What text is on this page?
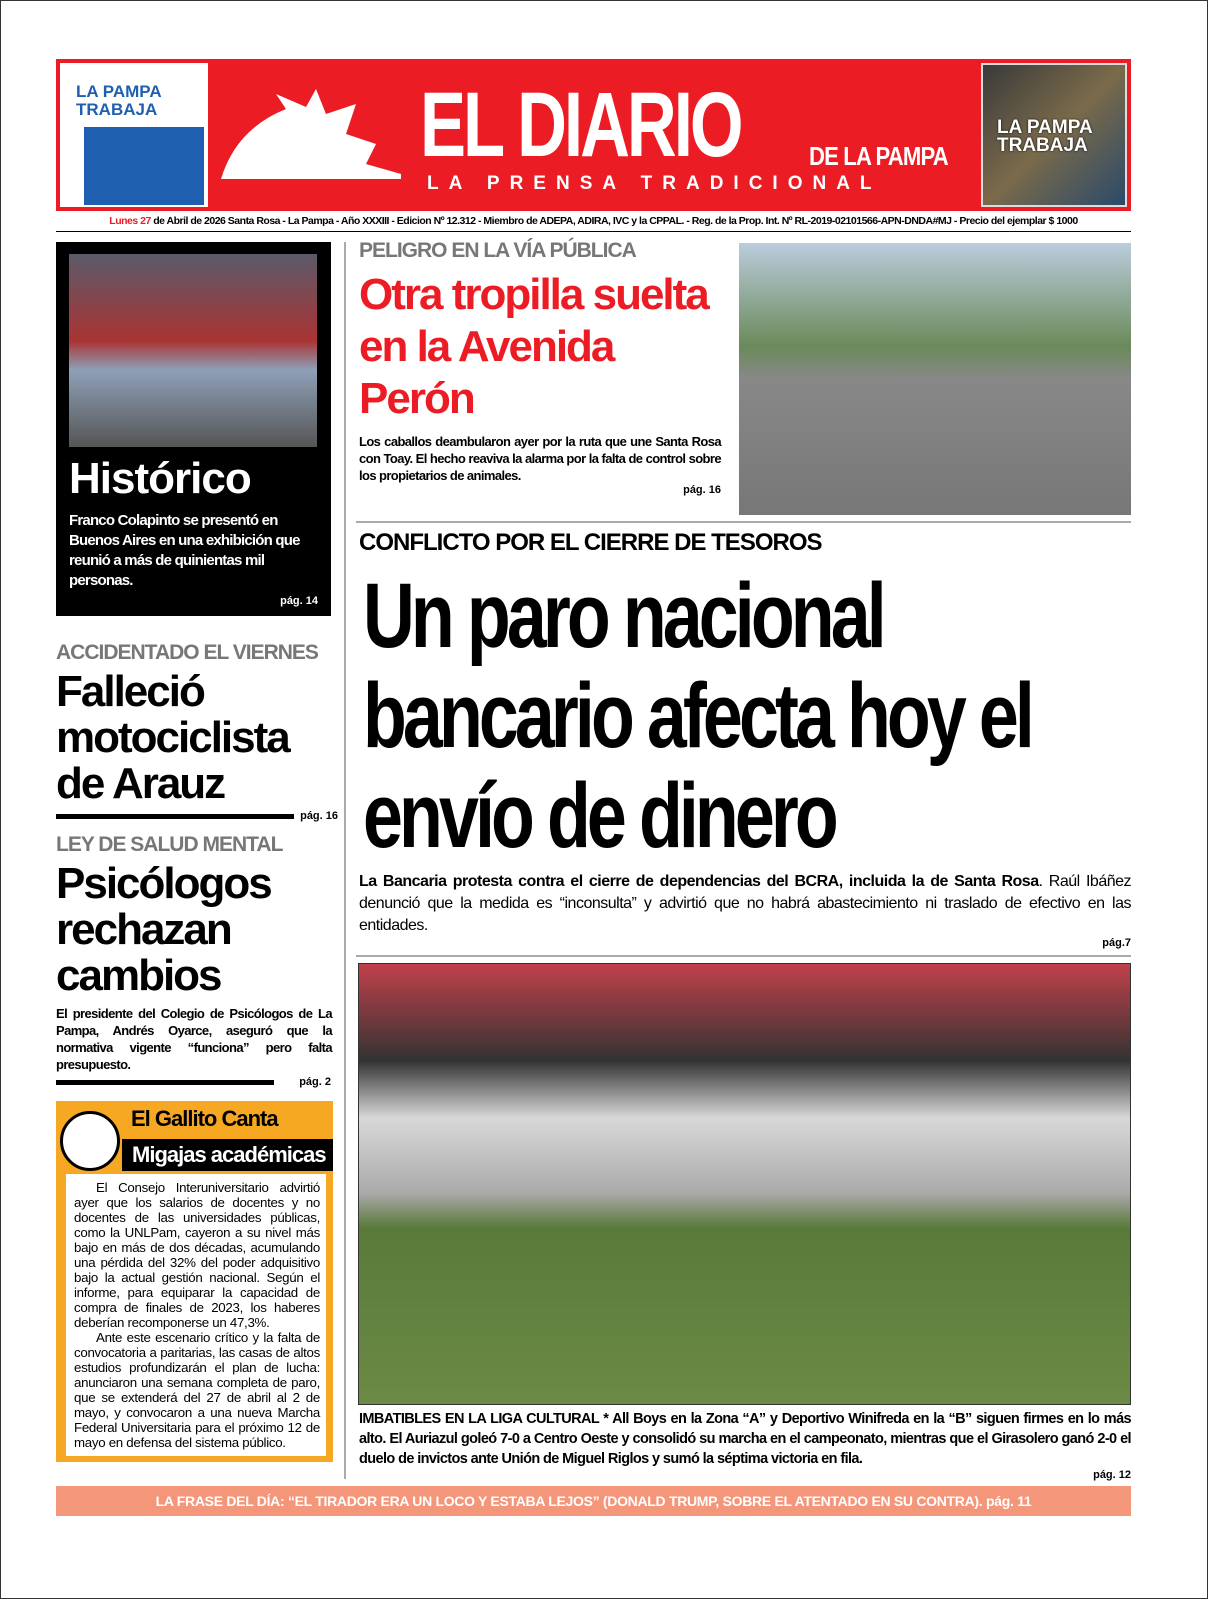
LA PAMPA TRABAJA	EL DIARIO	DE LA PAMPA
LA PRENSA TRADICIONAL
LA PAMPA TRABAJA
Lunes 27 de Abril de 2026 Santa Rosa - La Pampa - Año XXXIII - Edicion Nº 12.312 - Miembro de ADEPA, ADIRA, IVC y la CPPAL. - Reg. de la Prop. Int. Nº RL-2019-02101566-APN-DNDA#MJ - Precio del ejemplar $ 1000
Histórico
Franco Colapinto se presentó en Buenos Aires en una exhibición que reunió a más de quinientas mil personas.
pág. 14
ACCIDENTADO EL VIERNES
Falleció motociclista de Arauz
pág. 16
LEY DE SALUD MENTAL
Psicólogos rechazan cambios
El presidente del Colegio de Psicólogos de La Pampa, Andrés Oyarce, aseguró que la normativa vigente “funciona” pero falta presupuesto.
pág. 2
El Gallito Canta
Migajas académicas

El Consejo Interuniversitario advirtió ayer que los salarios de docentes y no docentes de las universidades públicas, como la UNLPam, cayeron a su nivel más bajo en más de dos décadas, acumulando una pérdida del 32% del poder adquisitivo bajo la actual gestión nacional. Según el informe, para equiparar la capacidad de compra de finales de 2023, los haberes deberían recomponerse un 47,3%.

Ante este escenario crítico y la falta de convocatoria a paritarias, las casas de altos estudios profundizarán el plan de lucha: anunciaron una semana completa de paro, que se extenderá del 27 de abril al 2 de mayo, y convocaron a una nueva Marcha Federal Universitaria para el próximo 12 de mayo en defensa del sistema público.

PELIGRO EN LA VÍA PÚBLICA
Otra tropilla suelta en la Avenida Perón
Los caballos deambularon ayer por la ruta que une Santa Rosa con Toay. El hecho reaviva la alarma por la falta de control sobre los propietarios de animales.
pág. 16
CONFLICTO POR EL CIERRE DE TESOROS
Un paro nacional bancario afecta hoy el envío de dinero
La Bancaria protesta contra el cierre de dependencias del BCRA, incluida la de Santa Rosa. Raúl Ibáñez denunció que la medida es “inconsulta” y advirtió que no habrá abastecimiento ni traslado de efectivo en las entidades.
pág.7
IMBATIBLES EN LA LIGA CULTURAL * All Boys en la Zona “A” y Deportivo Winifreda en la “B” siguen firmes en lo más alto. El Auriazul goleó 7-0 a Centro Oeste y consolidó su marcha en el campeonato, mientras que el Girasolero ganó 2-0 el duelo de invictos ante Unión de Miguel Riglos y sumó la séptima victoria en fila.
pág. 12
LA FRASE DEL DÍA: “EL TIRADOR ERA UN LOCO Y ESTABA LEJOS” (DONALD TRUMP, SOBRE EL ATENTADO EN SU CONTRA). pág. 11
